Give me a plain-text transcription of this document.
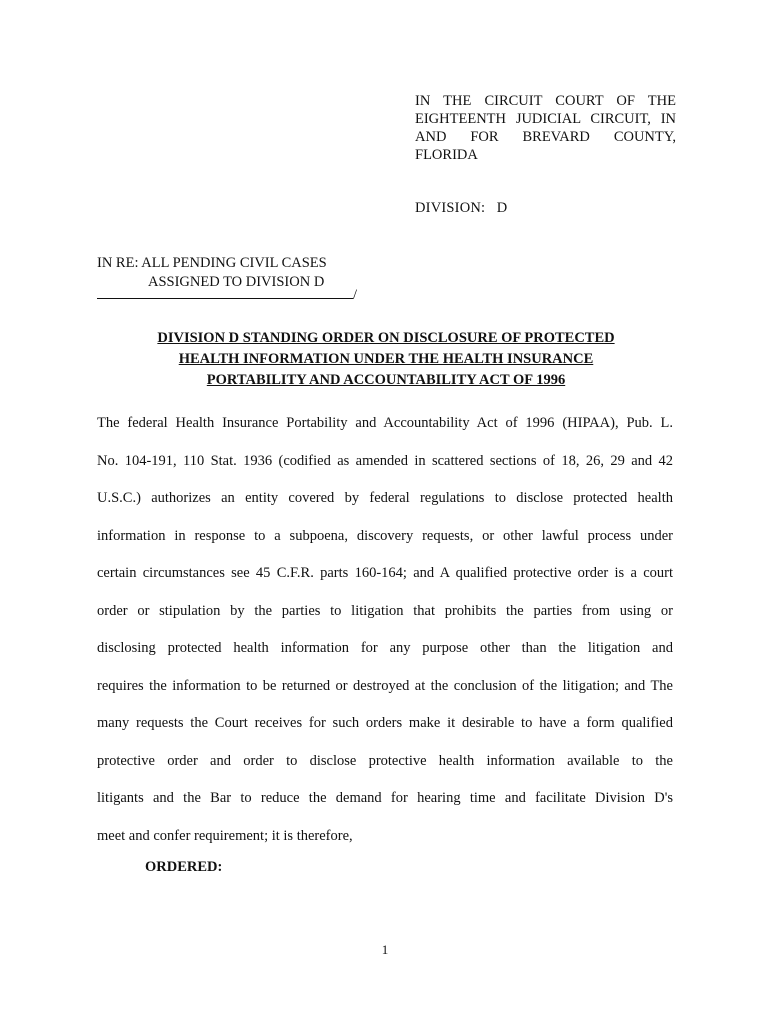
IN THE CIRCUIT COURT OF THE
EIGHTEENTH JUDICIAL CIRCUIT, IN
AND FOR BREVARD COUNTY,
FLORIDA
DIVISION:   D
IN RE: ALL PENDING CIVIL CASES
ASSIGNED TO DIVISION D
/
DIVISION D STANDING ORDER ON DISCLOSURE OF PROTECTED
HEALTH INFORMATION UNDER THE HEALTH INSURANCE
PORTABILITY AND ACCOUNTABILITY ACT OF 1996
The federal Health Insurance Portability and Accountability Act of 1996 (HIPAA), Pub. L.
No. 104-191, 110 Stat. 1936 (codified as amended in scattered sections of 18, 26, 29 and 42
U.S.C.) authorizes an entity covered by federal regulations to disclose protected health
information in response to a subpoena, discovery requests, or other lawful process under
certain circumstances see 45 C.F.R. parts 160-164; and A qualified protective order is a court
order or stipulation by the parties to litigation that prohibits the parties from using or
disclosing protected health information for any purpose other than the litigation and
requires the information to be returned or destroyed at the conclusion of the litigation; and The
many requests the Court receives for such orders make it desirable to have a form qualified
protective order and order to disclose protective health information available to the
litigants and the Bar to reduce the demand for hearing time and facilitate Division D's
meet and confer requirement; it is therefore,
ORDERED:
1
